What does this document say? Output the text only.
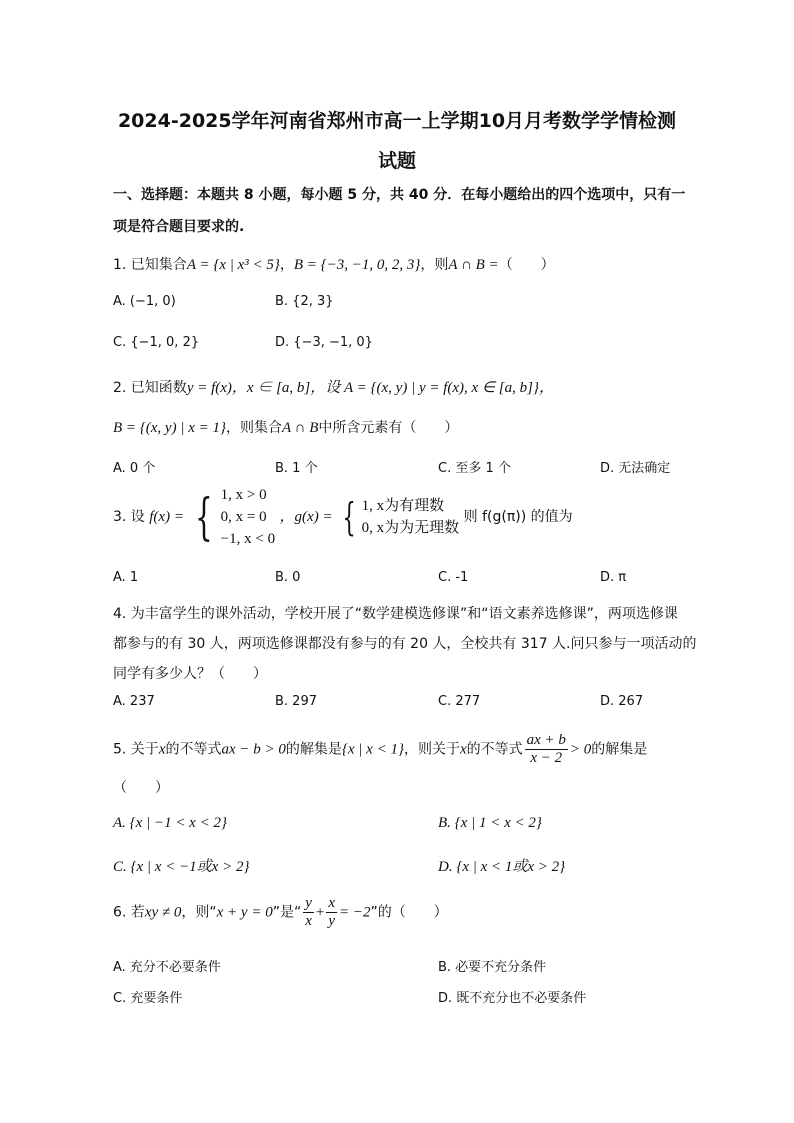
2024-2025学年河南省郑州市高一上学期10月月考数学学情检测
试题
一、选择题：本题共 8 小题，每小题 5 分，共 40 分．在每小题给出的四个选项中，只有一
项是符合题目要求的.
1. 已知集合A = {x | x³ < 5}，B = {−3, −1, 0, 2, 3}，则A ∩ B =（　　）
A. (−1, 0)	B. {2, 3}
C. {−1, 0, 2}	D. {−3, −1, 0}
2. 已知函数y = f(x)，x ∈ [a, b]，设 A = {(x, y) | y = f(x), x ∈ [a, b]}，
B = {(x, y) | x = 1}，则集合A ∩ B中所含元素有（　　）
A. 0 个	B. 1 个	C. 至多 1 个	D. 无法确定
3. 设 f(x) = { 1, x > 0
0, x = 0
−1, x < 0
，g(x) = { 1, x为有理数
0, x为为无理数
则 f(g(π)) 的值为
A. 1	B. 0	C. -1	D. π
4. 为丰富学生的课外活动，学校开展了“数学建模选修课”和“语文素养选修课”，两项选修课
都参与的有 30 人，两项选修课都没有参与的有 20 人，全校共有 317 人.问只参与一项活动的
同学有多少人？（　　）
A. 237	B. 297	C. 277	D. 267
5. 关于x的不等式ax − b > 0的解集是{x | x < 1}，则关于x的不等式 $\frac{ax + b}{x - 2} > 0$的解集是
（　　）
A. {x | −1 < x < 2}	B. {x | 1 < x < 2}
C. {x | x < −1或x > 2}	D. {x | x < 1或x > 2}
6. 若xy ≠ 0，则“x + y = 0”是“ $\frac{y}{x} + \frac{x}{y} = -2$”的（　　）
A. 充分不必要条件	B. 必要不充分条件
C. 充要条件	D. 既不充分也不必要条件
